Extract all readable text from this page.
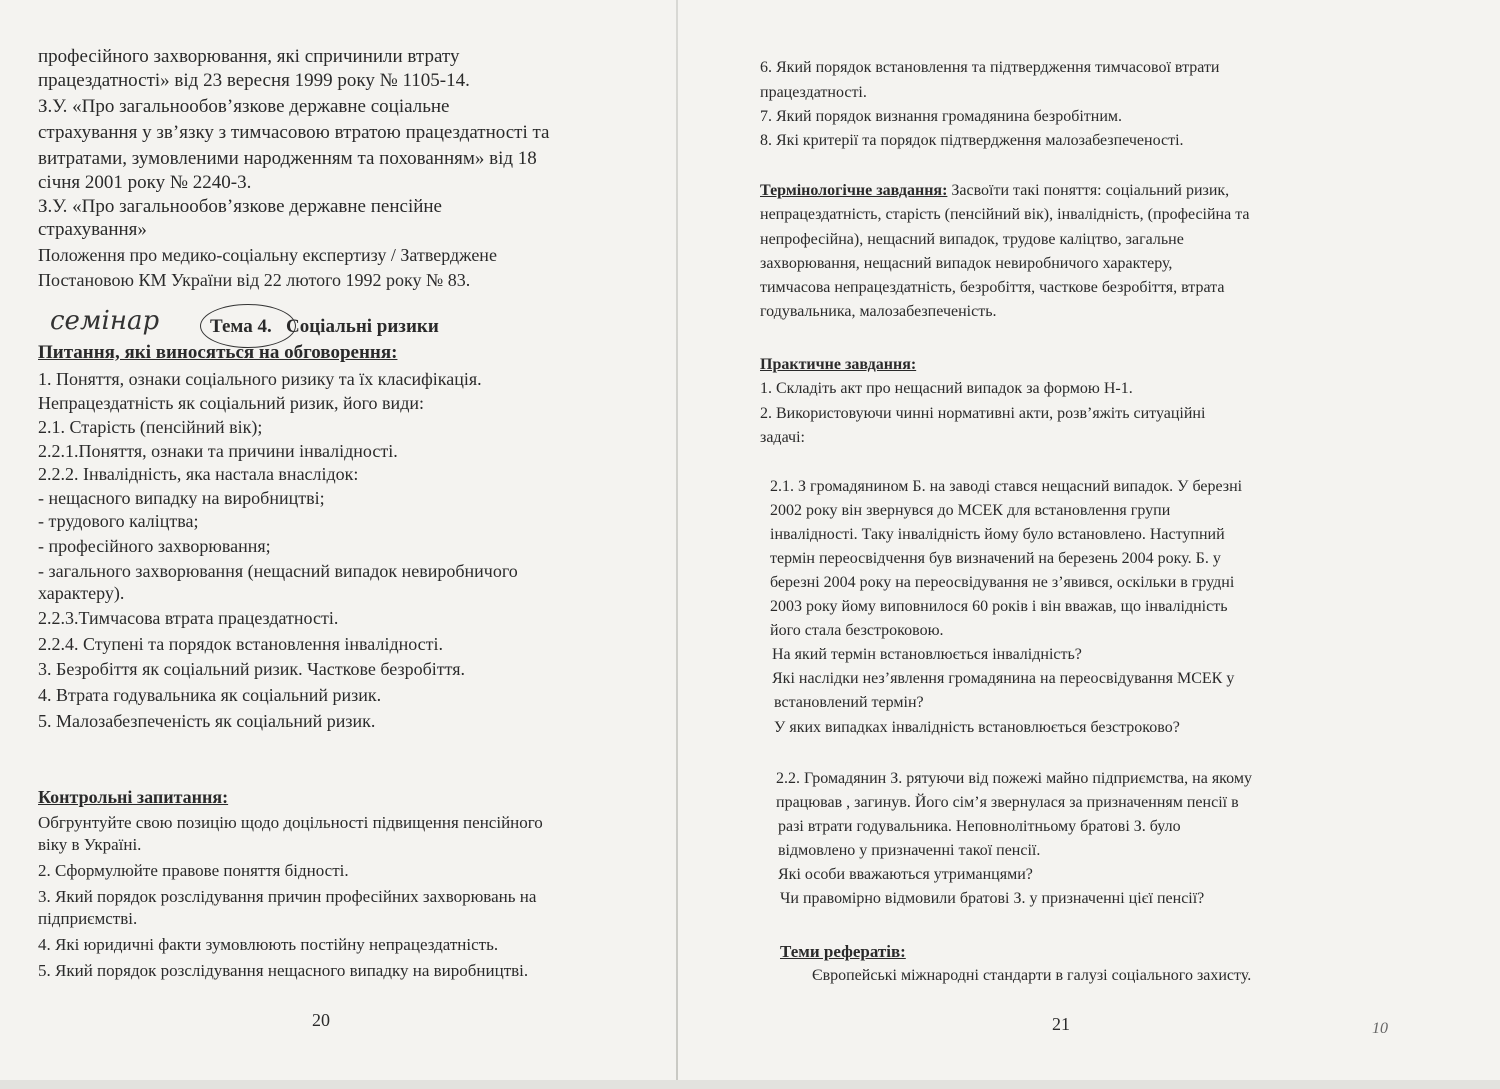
професійного захворювання, які спричинили втрату
працездатності» від 23 вересня 1999 року № 1105-14.
З.У. «Про загальнообов’язкове державне соціальне
страхування у зв’язку з тимчасовою втратою працездатності та
витратами, зумовленими народженням та похованням» від 18
січня 2001 року № 2240-3.
З.У. «Про загальнообов’язкове державне пенсійне
страхування»
Положення про медико-соціальну експертизу / Затверджене
Постановою КМ України від 22 лютого 1992 року № 83.
семінар	Тема 4. Соціальні ризики
Питання, які виносяться на обговорення:
1. Поняття, ознаки соціального ризику та їх класифікація.
Непрацездатність як соціальний ризик, його види:
2.1. Старість (пенсійний вік);
2.2.1.Поняття, ознаки та причини інвалідності.
2.2.2. Інвалідність, яка настала внаслідок:
- нещасного випадку на виробництві;
- трудового каліцтва;
- професійного захворювання;
- загального захворювання (нещасний випадок невиробничого
характеру).
2.2.3.Тимчасова втрата працездатності.
2.2.4. Ступені та порядок встановлення інвалідності.
3. Безробіття як соціальний ризик. Часткове безробіття.
4. Втрата годувальника як соціальний ризик.
5. Малозабезпеченість як соціальний ризик.
Контрольні запитання:
Обгрунтуйте свою позицію щодо доцільності підвищення пенсійного
віку в Україні.
2. Сформулюйте правове поняття бідності.
3. Який порядок розслідування причин професійних захворювань на
підприємстві.
4. Які юридичні факти зумовлюють постійну непрацездатність.
5. Який порядок розслідування нещасного випадку на виробництві.
20
6. Який порядок встановлення та підтвердження тимчасової втрати
працездатності.
7. Який порядок визнання громадянина безробітним.
8. Які критерії та порядок підтвердження малозабезпеченості.
Термінологічне завдання: Засвоїти такі поняття: соціальний ризик,
непрацездатність, старість (пенсійний вік), інвалідність, (професійна та
непрофесійна), нещасний випадок, трудове каліцтво, загальне
захворювання, нещасний випадок невиробничого характеру,
тимчасова непрацездатність, безробіття, часткове безробіття, втрата
годувальника, малозабезпеченість.
Практичне завдання:
1. Складіть акт про нещасний випадок за формою Н-1.
2. Використовуючи чинні нормативні акти, розв’яжіть ситуаційні
задачі:
2.1. З громадянином Б. на заводі стався нещасний випадок. У березні
2002 року він звернувся до МСЕК для встановлення групи
інвалідності. Таку інвалідність йому було встановлено. Наступний
термін переосвідчення був визначений на березень 2004 року. Б. у
березні 2004 року на переосвідування не з’явився, оскільки в грудні
2003 року йому виповнилося 60 років і він вважав, що інвалідність
його стала безстроковою.
На який термін встановлюється інвалідність?
Які наслідки нез’явлення громадянина на переосвідування МСЕК у
встановлений термін?
У яких випадках інвалідність встановлюється безстроково?
2.2. Громадянин З. рятуючи від пожежі майно підприємства, на якому
працював , загинув. Його сім’я звернулася за призначенням пенсії в
разі втрати годувальника. Неповнолітньому братові З. було
відмовлено у призначенні такої пенсії.
Які особи вважаються утриманцями?
Чи правомірно відмовили братові З. у призначенні цієї пенсії?
Теми рефератів:
Європейські міжнародні стандарти в галузі соціального захисту.
21	10
